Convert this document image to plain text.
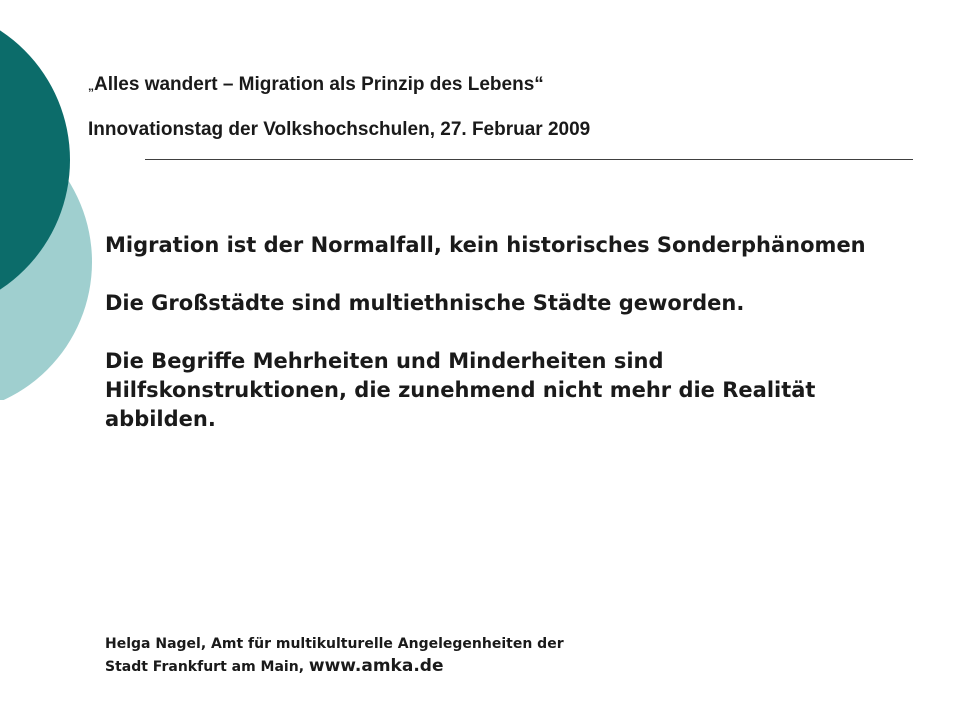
„Alles wandert – Migration als Prinzip des Lebens“
Innovationstag der Volkshochschulen, 27. Februar 2009

Migration ist der Normalfall, kein historisches Sonderphänomen

Die Großstädte sind multiethnische Städte geworden.

Die Begriffe Mehrheiten und Minderheiten sind Hilfskonstruktionen, die zunehmend nicht mehr die Realität abbilden.

Helga Nagel, Amt für multikulturelle Angelegenheiten der
Stadt Frankfurt am Main, www.amka.de
